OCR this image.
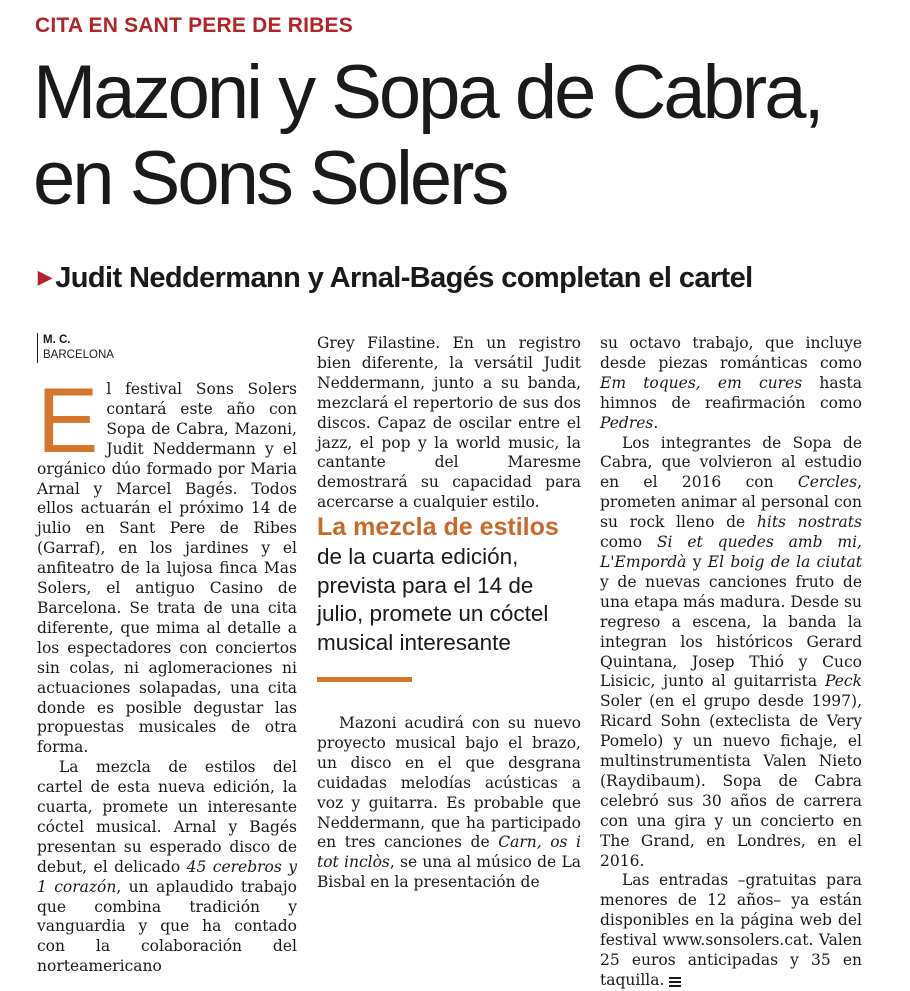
CITA EN SANT PERE DE RIBES
Mazoni y Sopa de Cabra, en Sons Solers
▶ Judit Neddermann y Arnal-Bagés completan el cartel
M. C.
BARCELONA

El festival Sons Solers contará este año con Sopa de Cabra, Mazoni, Judit Neddermann y el orgánico dúo formado por Maria Arnal y Marcel Bagés. Todos ellos actuarán el próximo 14 de julio en Sant Pere de Ribes (Garraf), en los jardines y el anfiteatro de la lujosa finca Mas Solers, el antiguo Casino de Barcelona. Se trata de una cita diferente, que mima al detalle a los espectadores con conciertos sin colas, ni aglomeraciones ni actuaciones solapadas, una cita donde es posible degustar las propuestas musicales de otra forma.

La mezcla de estilos del cartel de esta nueva edición, la cuarta, promete un interesante cóctel musical. Arnal y Bagés presentan su esperado disco de debut, el delicado 45 cerebros y 1 corazón, un aplaudido trabajo que combina tradición y vanguardia y que ha contado con la colaboración del norteamericano

Grey Filastine. En un registro bien diferente, la versátil Judit Neddermann, junto a su banda, mezclará el repertorio de sus dos discos. Capaz de oscilar entre el jazz, el pop y la world music, la cantante del Maresme demostrará su capacidad para acercarse a cualquier estilo.

La mezcla de estilos
de la cuarta edición, prevista para el 14 de julio, promete un cóctel musical interesante

Mazoni acudirá con su nuevo proyecto musical bajo el brazo, un disco en el que desgrana cuidadas melodías acústicas a voz y guitarra. Es probable que Neddermann, que ha participado en tres canciones de Carn, os i tot inclòs, se una al músico de La Bisbal en la presentación de

su octavo trabajo, que incluye desde piezas románticas como Em toques, em cures hasta himnos de reafirmación como Pedres.

Los integrantes de Sopa de Cabra, que volvieron al estudio en el 2016 con Cercles, prometen animar al personal con su rock lleno de hits nostrats como Si et quedes amb mi, L'Empordà y El boig de la ciutat y de nuevas canciones fruto de una etapa más madura. Desde su regreso a escena, la banda la integran los históricos Gerard Quintana, Josep Thió y Cuco Lisicic, junto al guitarrista Peck Soler (en el grupo desde 1997), Ricard Sohn (exteclista de Very Pomelo) y un nuevo fichaje, el multinstrumentista Valen Nieto (Raydibaum). Sopa de Cabra celebró sus 30 años de carrera con una gira y un concierto en The Grand, en Londres, en el 2016.

Las entradas –gratuitas para menores de 12 años– ya están disponibles en la página web del festival www.sonsolers.cat. Valen 25 euros anticipadas y 35 en taquilla.
